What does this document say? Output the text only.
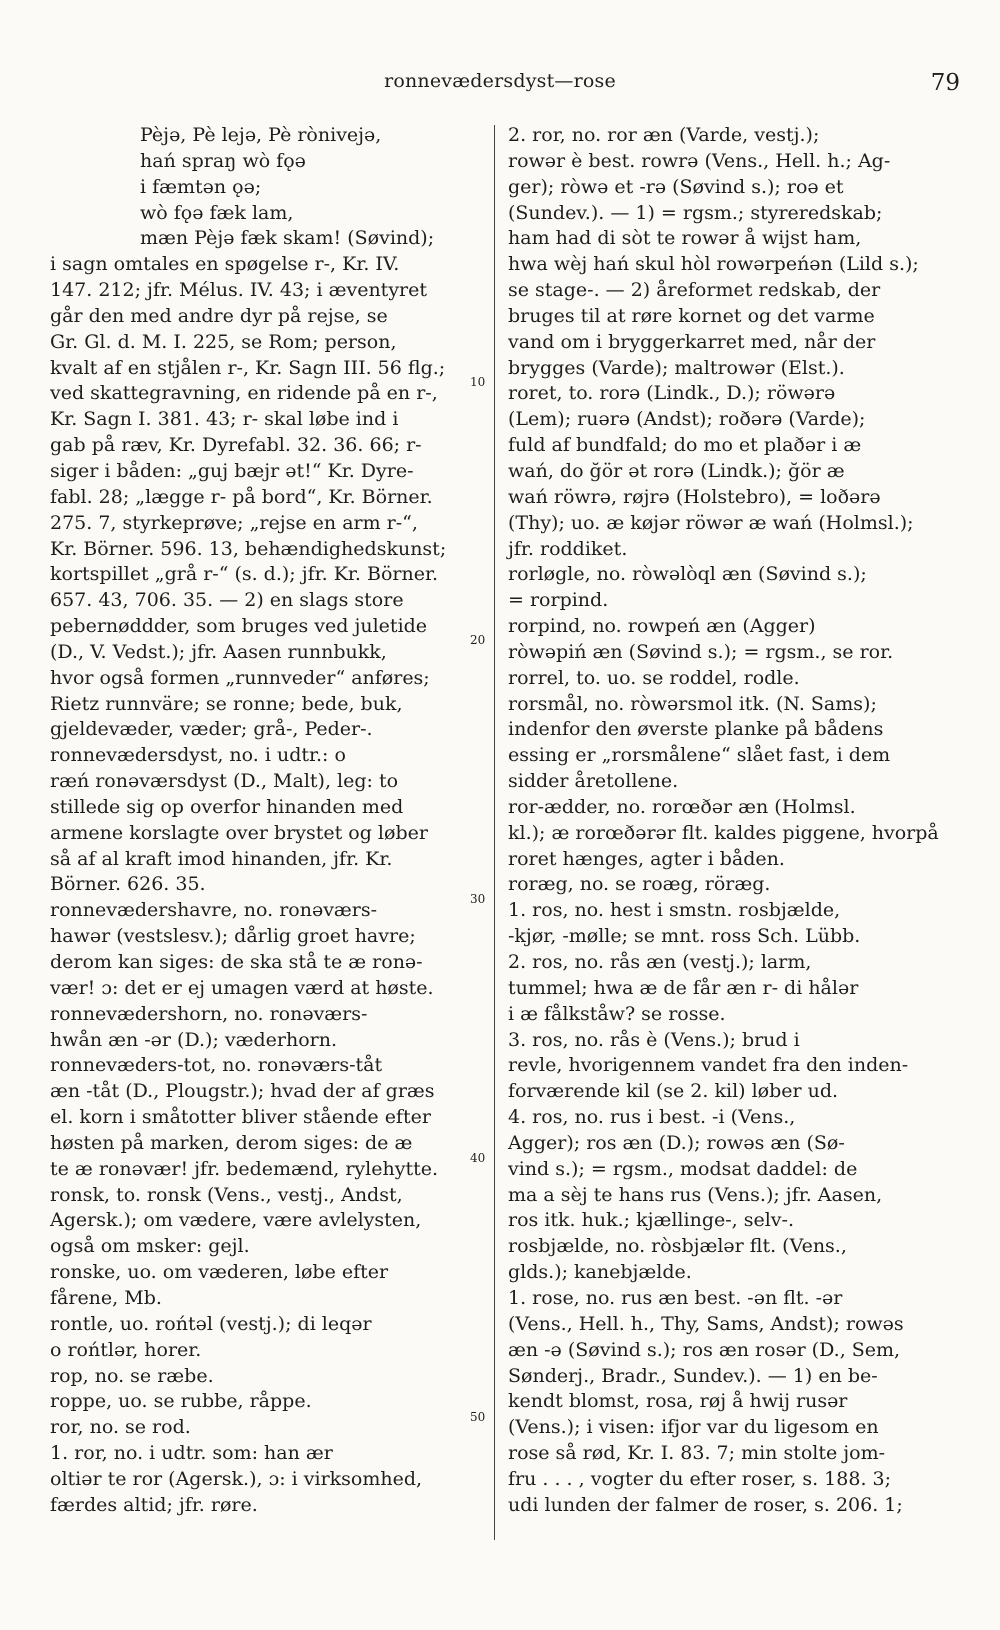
ronnevædersdyst—rose	79
Pèjə, Pè lejə, Pè rònivejə,
hań spraŋ wò fǫə
i fæmtən ǫə;
wò fǫə fæk lam,
mæn Pèjə fæk skam! (Søvind);
i sagn omtales en spøgelse r-, Kr. IV.
147. 212; jfr. Mélus. IV. 43; i æventyret
går den med andre dyr på rejse, se
Gr. Gl. d. M. I. 225, se Rom; person,
kvalt af en stjålen r-, Kr. Sagn III. 56 flg.;
ved skattegravning, en ridende på en r-,
Kr. Sagn I. 381. 43; r- skal løbe ind i
gab på ræv, Kr. Dyrefabl. 32. 36. 66; r-
siger i båden: „guj bæjr ət!“ Kr. Dyre-
fabl. 28; „lægge r- på bord“, Kr. Börner.
275. 7, styrkeprøve; „rejse en arm r-“,
Kr. Börner. 596. 13, behændighedskunst;
kortspillet „grå r-“ (s. d.); jfr. Kr. Börner.
657. 43, 706. 35. — 2) en slags store
pebernøddder, som bruges ved juletide
(D., V. Vedst.); jfr. Aasen runnbukk,
hvor også formen „runnveder“ anføres;
Rietz runnväre; se ronne; bede, buk,
gjeldevæder, væder; grå-, Peder-.
ronnevædersdyst, no. i udtr.: o
ræń ronəværsdyst (D., Malt), leg: to
stillede sig op overfor hinanden med
armene korslagte over brystet og løber
så af al kraft imod hinanden, jfr. Kr.
Börner. 626. 35.
ronnevædershavre, no. ronəværs-
hawər (vestslesv.); dårlig groet havre;
derom kan siges: de ska stå te æ ronə-
vær! ɔ: det er ej umagen værd at høste.
ronnevædershorn, no. ronəværs-
hwån æn -ər (D.); væderhorn.
ronnevæders-tot, no. ronəværs-tåt
æn -tåt (D., Plougstr.); hvad der af græs
el. korn i småtotter bliver stående efter
høsten på marken, derom siges: de æ
te æ ronəvær! jfr. bedemænd, rylehytte.
ronsk, to. ronsk (Vens., vestj., Andst,
Agersk.); om vædere, være avlelysten,
også om msker: gejl.
ronske, uo. om væderen, løbe efter
fårene, Mb.
rontle, uo. rońtəl (vestj.); di leqər
o rońtlər, horer.
rop, no. se ræbe.
roppe, uo. se rubbe, råppe.
ror, no. se rod.
1. ror, no. i udtr. som: han ær
oltiər te ror (Agersk.), ɔ: i virksomhed,
færdes altid; jfr. røre.
2. ror, no. ror æn (Varde, vestj.);
rowər è best. rowrə (Vens., Hell. h.; Ag-
ger); ròwə et -rə (Søvind s.); roə et
(Sundev.). — 1) = rgsm.; styreredskab;
ham had di sòt te rowər å wijst ham,
hwa wèj hań skul hòl rowərpeńən (Lild s.);
se stage-. — 2) åreformet redskab, der
bruges til at røre kornet og det varme
vand om i bryggerkarret med, når der
brygges (Varde); maltrowər (Elst.).
roret, to. rorə (Lindk., D.); röwərə
(Lem); ruərə (Andst); roðərə (Varde);
fuld af bundfald; do mo et plaðər i æ
wań, do ğör ət rorə (Lindk.); ğör æ
wań röwrə, røjrə (Holstebro), = loðərə
(Thy); uo. æ køjər röwər æ wań (Holmsl.);
jfr. roddiket.
rorløgle, no. ròwəlòql æn (Søvind s.);
= rorpind.
rorpind, no. rowpeń æn (Agger)
ròwəpiń æn (Søvind s.); = rgsm., se ror.
rorrel, to. uo. se roddel, rodle.
rorsmål, no. ròwərsmol itk. (N. Sams);
indenfor den øverste planke på bådens
essing er „rorsmålene“ slået fast, i dem
sidder åretollene.
ror-ædder, no. rorœðər æn (Holmsl.
kl.); æ rorœðərər flt. kaldes piggene, hvorpå
roret hænges, agter i båden.
roræg, no. se roæg, röræg.
1. ros, no. hest i smstn. rosbjælde,
-kjør, -mølle; se mnt. ross Sch. Lübb.
2. ros, no. rås æn (vestj.); larm,
tummel; hwa æ de får æn r- di hålər
i æ fålkståw? se rosse.
3. ros, no. rås è (Vens.); brud i
revle, hvorigennem vandet fra den inden-
forværende kil (se 2. kil) løber ud.
4. ros, no. rus i best. -i (Vens.,
Agger); ros æn (D.); rowəs æn (Sø-
vind s.); = rgsm., modsat daddel: de
ma a sèj te hans rus (Vens.); jfr. Aasen,
ros itk. huk.; kjællinge-, selv-.
rosbjælde, no. ròsbjælər flt. (Vens.,
glds.); kanebjælde.
1. rose, no. rus æn best. -ən flt. -ər
(Vens., Hell. h., Thy, Sams, Andst); rowəs
æn -ə (Søvind s.); ros æn rosər (D., Sem,
Sønderj., Bradr., Sundev.). — 1) en be-
kendt blomst, rosa, røj å hwij rusər
(Vens.); i visen: ifjor var du ligesom en
rose så rød, Kr. I. 83. 7; min stolte jom-
fru . . . , vogter du efter roser, s. 188. 3;
udi lunden der falmer de roser, s. 206. 1;
10
20
30
40
50
